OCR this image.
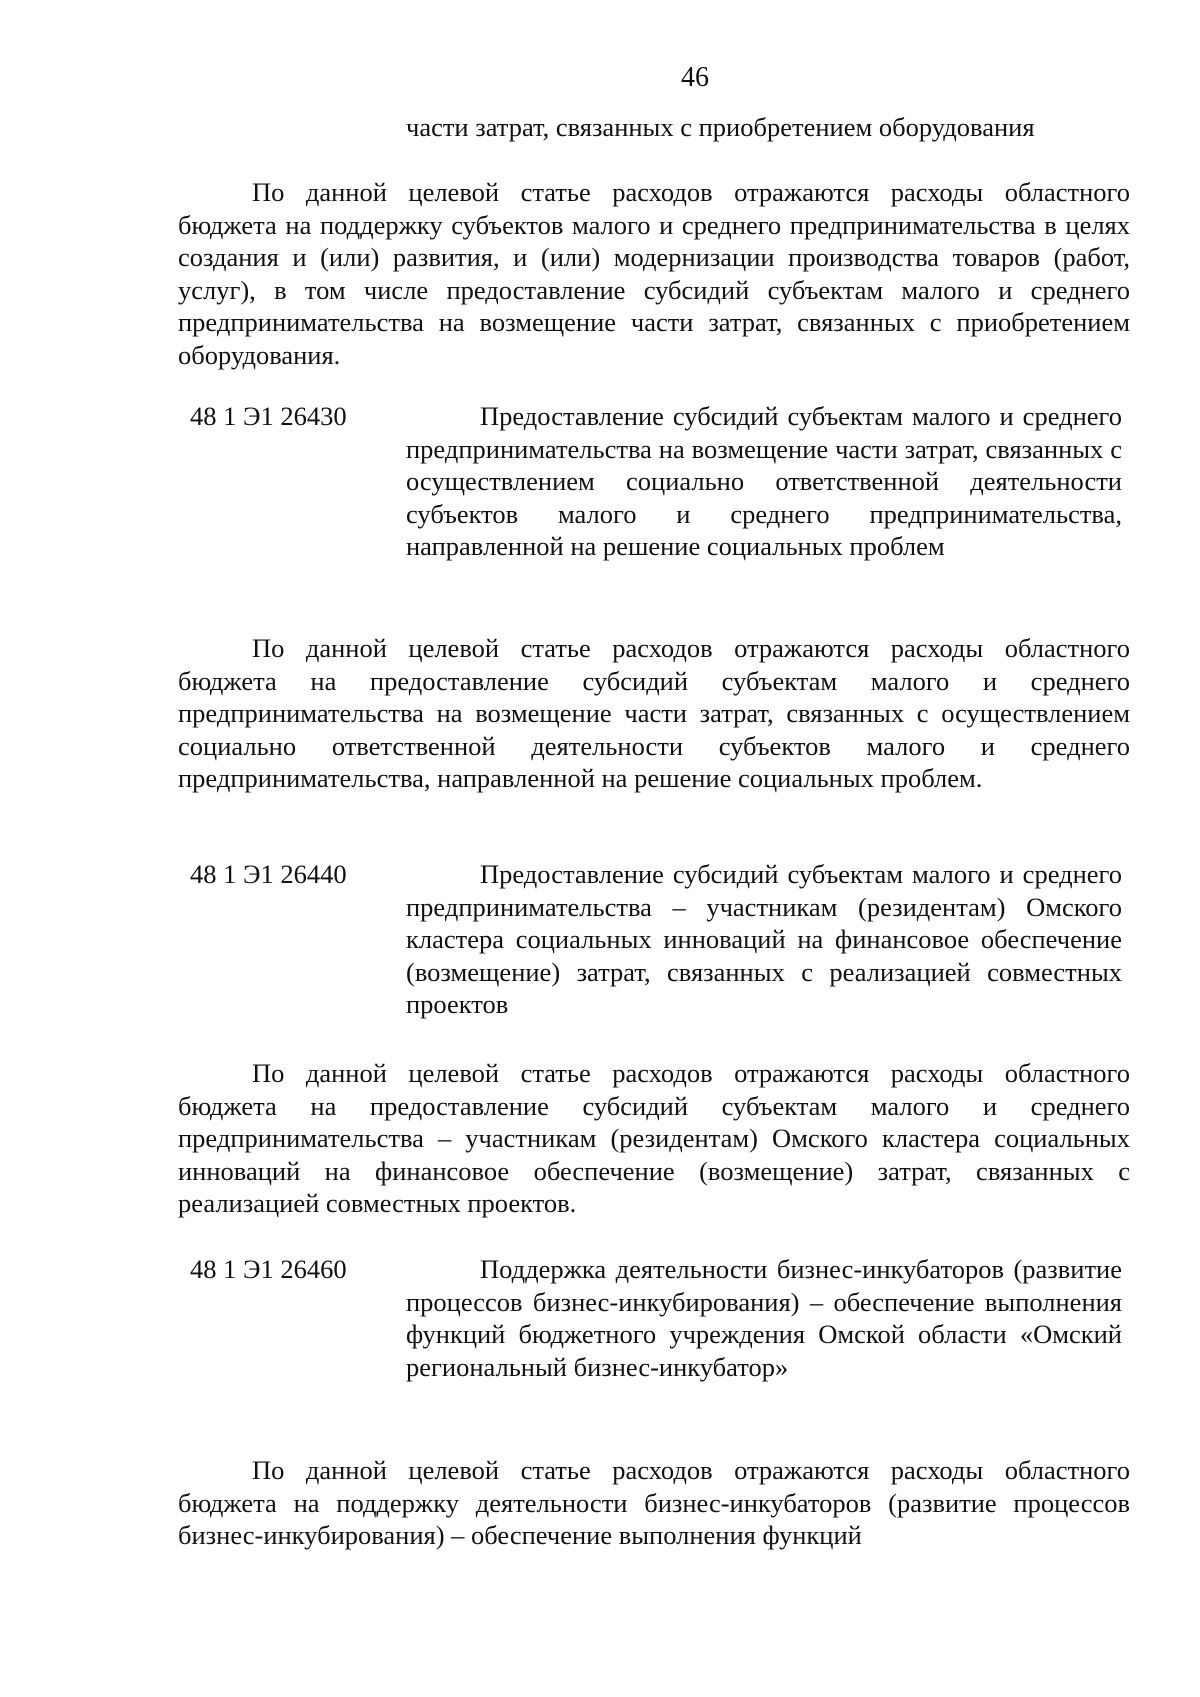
46
части затрат, связанных с приобретением оборудования

По данной целевой статье расходов отражаются расходы областного бюджета на поддержку субъектов малого и среднего предпринимательства в целях создания и (или) развития, и (или) модернизации производства товаров (работ, услуг), в том числе предоставление субсидий субъектам малого и среднего предпринимательства на возмещение части затрат, связанных с приобретением оборудования.

48 1 Э1 26430	Предоставление субсидий субъектам малого и среднего предпринимательства на возмещение части затрат, связанных с осуществлением социально ответственной деятельности субъектов малого и среднего предпринимательства, направленной на решение социальных проблем

По данной целевой статье расходов отражаются расходы областного бюджета на предоставление субсидий субъектам малого и среднего предпринимательства на возмещение части затрат, связанных с осуществлением социально ответственной деятельности субъектов малого и среднего предпринимательства, направленной на решение социальных проблем.

48 1 Э1 26440	Предоставление субсидий субъектам малого и среднего предпринимательства – участникам (резидентам) Омского кластера социальных инноваций на финансовое обеспечение (возмещение) затрат, связанных с реализацией совместных проектов

По данной целевой статье расходов отражаются расходы областного бюджета на предоставление субсидий субъектам малого и среднего предпринимательства – участникам (резидентам) Омского кластера социальных инноваций на финансовое обеспечение (возмещение) затрат, связанных с реализацией совместных проектов.

48 1 Э1 26460	Поддержка деятельности бизнес-инкубаторов (развитие процессов бизнес-инкубирования) – обеспечение выполнения функций бюджетного учреждения Омской области «Омский региональный бизнес-инкубатор»

По данной целевой статье расходов отражаются расходы областного бюджета на поддержку деятельности бизнес-инкубаторов (развитие процессов бизнес-инкубирования) – обеспечение выполнения функций
